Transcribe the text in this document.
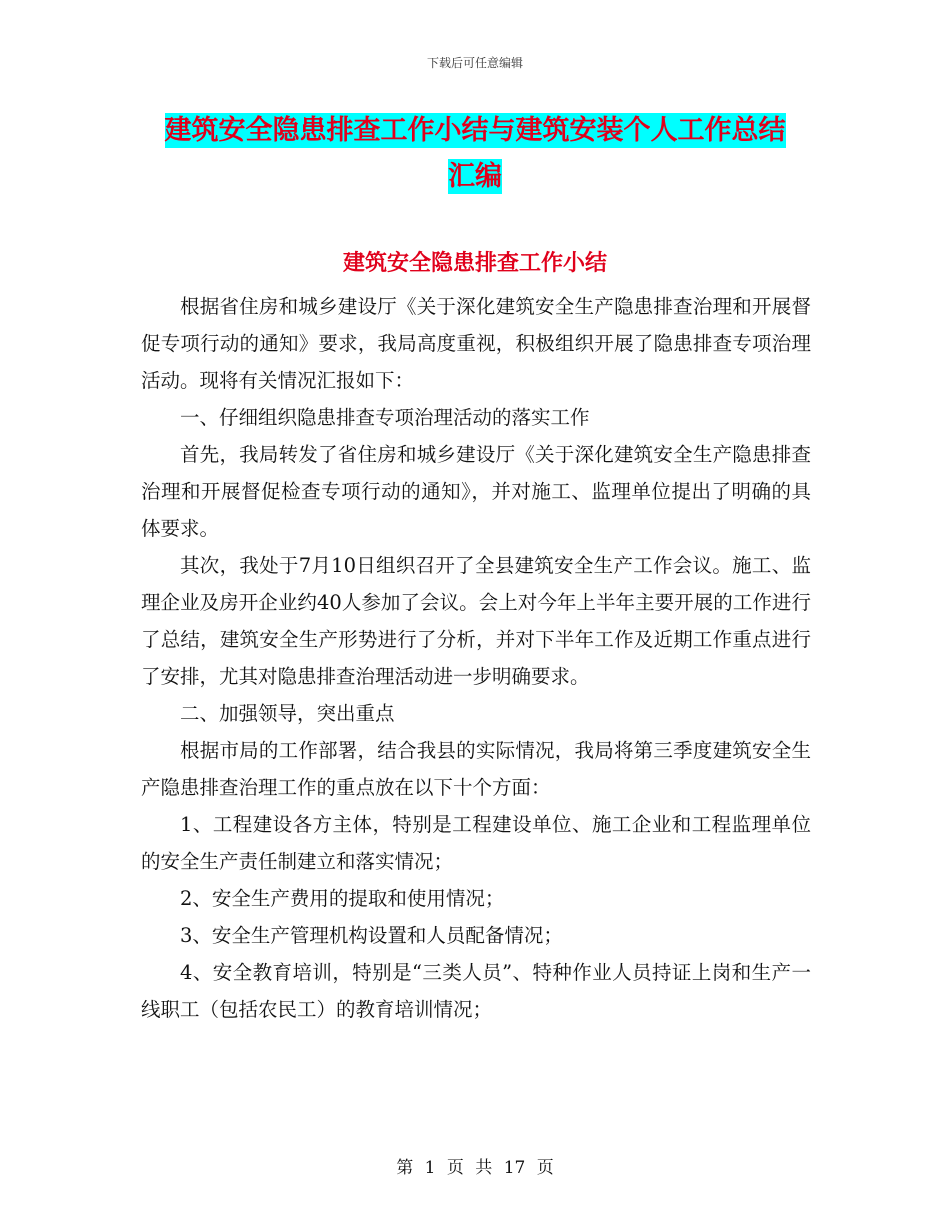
下载后可任意编辑
建筑安全隐患排查工作小结与建筑安装个人工作总结
汇编
建筑安全隐患排查工作小结

根据省住房和城乡建设厅《关于深化建筑安全生产隐患排查治理和开展督促专项行动的通知》要求，我局高度重视，积极组织开展了隐患排查专项治理活动。现将有关情况汇报如下：

一、仔细组织隐患排查专项治理活动的落实工作

首先，我局转发了省住房和城乡建设厅《关于深化建筑安全生产隐患排查治理和开展督促检查专项行动的通知》，并对施工、监理单位提出了明确的具体要求。

其次，我处于7月10日组织召开了全县建筑安全生产工作会议。施工、监理企业及房开企业约40人参加了会议。会上对今年上半年主要开展的工作进行了总结，建筑安全生产形势进行了分析，并对下半年工作及近期工作重点进行了安排，尤其对隐患排查治理活动进一步明确要求。

二、加强领导，突出重点

根据市局的工作部署，结合我县的实际情况，我局将第三季度建筑安全生产隐患排查治理工作的重点放在以下十个方面：

1、工程建设各方主体，特别是工程建设单位、施工企业和工程监理单位的安全生产责任制建立和落实情况；

2、安全生产费用的提取和使用情况；

3、安全生产管理机构设置和人员配备情况；

4、安全教育培训，特别是“三类人员”、特种作业人员持证上岗和生产一线职工（包括农民工）的教育培训情况；

第 1 页 共 17 页
